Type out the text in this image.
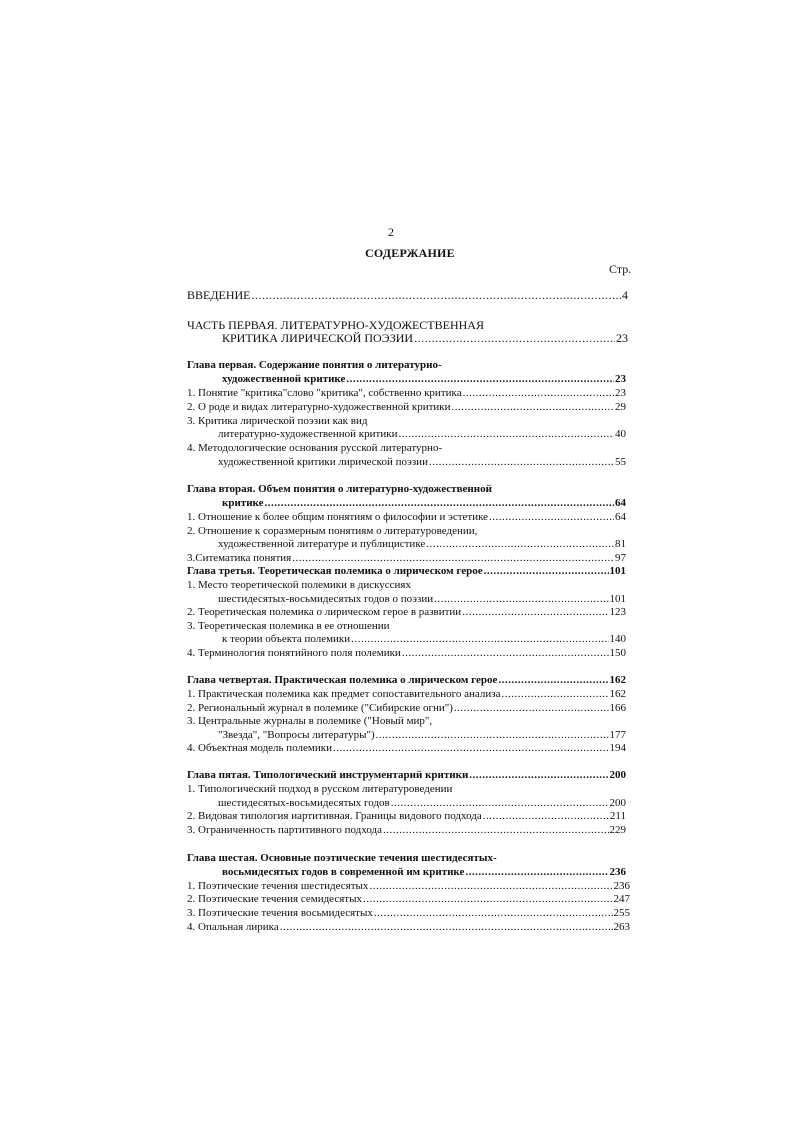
2
СОДЕРЖАНИЕ
Стр.
ВВЕДЕНИЕ .....	4
ЧАСТЬ ПЕРВАЯ. ЛИТЕРАТУРНО-ХУДОЖЕСТВЕННАЯ
КРИТИКА ЛИРИЧЕСКОЙ ПОЭЗИИ .....	23
Глава первая. Содержание понятия о литературно-
художественной критике .....	23
1. Понятие "критика"слово "критика", собственно критика .....	23
2. О роде и видах литературно-художественной критики .....	29
3. Критика лирической поэзии как вид
литературно-художественной критики .....	40
4. Методологические основания русской литературно-
художественной критики лирической поэзии .....	55
Глава вторая. Объем понятия о литературно-художественной
критике .....	64
1. Отношение к более общим понятиям о философии и эстетике .....	64
2. Отношение к соразмерным понятиям о литературоведении,
художественной литературе и публицистике .....	81
3.Ситематика понятия .....	97
Глава третья. Теоретическая полемика о лирическом герое .....	101
1. Место теоретической полемики в дискуссиях
шестидесятых-восьмидесятых годов о поэзии .....	101
2. Теоретическая полемика о лирическом герое в развитии .....	123
3. Теоретическая полемика в ее отношении
к теории объекта полемики .....	140
4. Терминология понятийного поля полемики .....	150
Глава четвертая. Практическая полемика о лирическом герое .....	162
1. Практическая полемика как предмет сопоставительного анализа .....	162
2. Региональный журнал в полемике ("Сибирские огни") .....	166
3. Центральные журналы в полемике ("Новый мир",
"Звезда", "Вопросы литературы") .....	177
4. Объектная модель полемики .....	194
Глава пятая. Типологический инструментарий критики .....	200
1. Типологический подход в русском литературоведении
шестидесятых-восьмидесятых годов .....	200
2. Видовая типология иартитивная. Границы видового подхода .....	211
3. Ограниченность партитивного подхода .....	229
Глава шестая. Основные поэтические течения шестидесятых-
восьмидесятых годов в современной им критике .....	236
1. Поэтические течения шестидесятых .....	236
2. Поэтические течения семидесятых .....	247
3. Поэтические течения восьмидесятых .....	255
4. Опальная лирика .....	263
